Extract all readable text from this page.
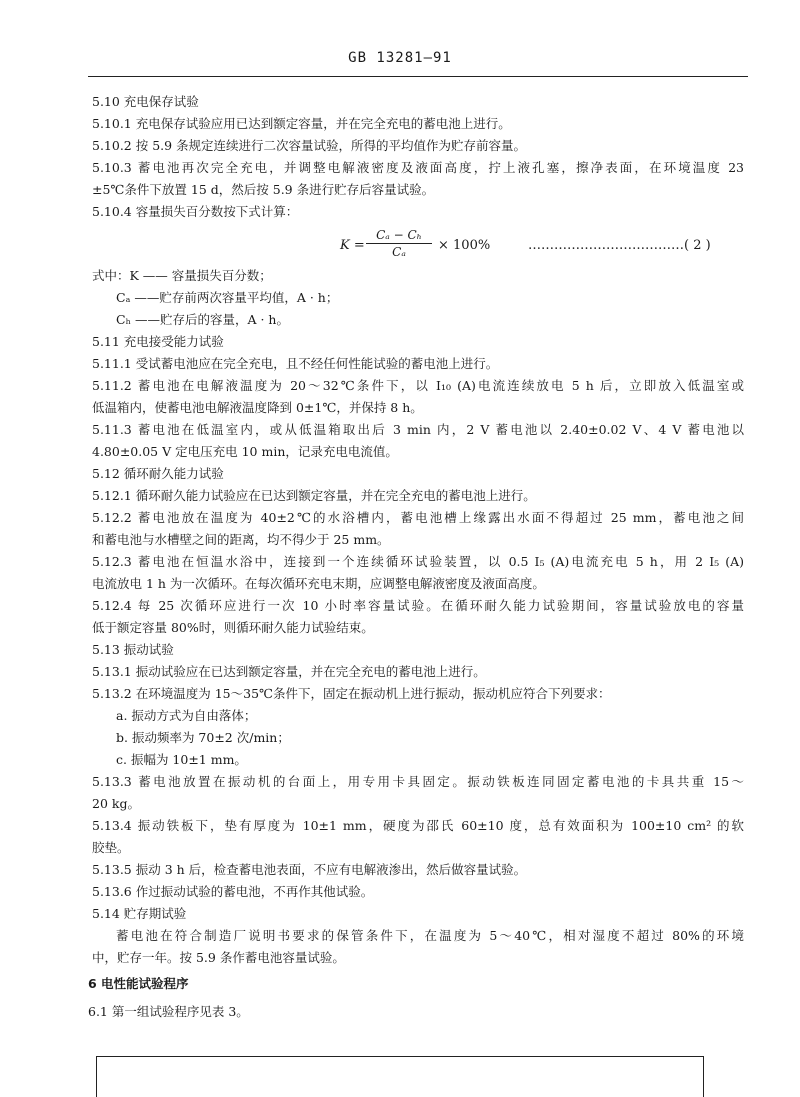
GB 13281—91
5.10 充电保存试验
5.10.1 充电保存试验应用已达到额定容量，并在完全充电的蓄电池上进行。
5.10.2 按 5.9 条规定连续进行二次容量试验，所得的平均值作为贮存前容量。
5.10.3 蓄电池再次完全充电，并调整电解液密度及液面高度，拧上液孔塞，擦净表面，在环境温度 23
±5℃条件下放置 15 d，然后按 5.9 条进行贮存后容量试验。
5.10.4 容量损失百分数按下式计算：
K =
Cₐ − Cₕ
Cₐ	× 100%	………………………………( 2 )
式中：K —— 容量损失百分数；
Cₐ ——贮存前两次容量平均值，A · h；
Cₕ ——贮存后的容量，A · h。
5.11 充电接受能力试验
5.11.1 受试蓄电池应在完全充电，且不经任何性能试验的蓄电池上进行。
5.11.2 蓄电池在电解液温度为 20～32℃条件下，以 I₁₀ (A)电流连续放电 5 h 后，立即放入低温室或
低温箱内，使蓄电池电解液温度降到 0±1℃，并保持 8 h。
5.11.3 蓄电池在低温室内，或从低温箱取出后 3 min 内，2 V 蓄电池以 2.40±0.02 V、4 V 蓄电池以
4.80±0.05 V 定电压充电 10 min，记录充电电流值。
5.12 循环耐久能力试验
5.12.1 循环耐久能力试验应在已达到额定容量，并在完全充电的蓄电池上进行。
5.12.2 蓄电池放在温度为 40±2℃的水浴槽内，蓄电池槽上缘露出水面不得超过 25 mm，蓄电池之间
和蓄电池与水槽壁之间的距离，均不得少于 25 mm。
5.12.3 蓄电池在恒温水浴中，连接到一个连续循环试验装置，以 0.5 I₅ (A)电流充电 5 h，用 2 I₅ (A)
电流放电 1 h 为一次循环。在每次循环充电末期，应调整电解液密度及液面高度。
5.12.4 每 25 次循环应进行一次 10 小时率容量试验。在循环耐久能力试验期间，容量试验放电的容量
低于额定容量 80%时，则循环耐久能力试验结束。
5.13 振动试验
5.13.1 振动试验应在已达到额定容量，并在完全充电的蓄电池上进行。
5.13.2 在环境温度为 15～35℃条件下，固定在振动机上进行振动，振动机应符合下列要求：
a. 振动方式为自由落体；
b. 振动频率为 70±2 次/min；
c. 振幅为 10±1 mm。
5.13.3 蓄电池放置在振动机的台面上，用专用卡具固定。振动铁板连同固定蓄电池的卡具共重 15～
20 kg。
5.13.4 振动铁板下，垫有厚度为 10±1 mm，硬度为邵氏 60±10 度，总有效面积为 100±10 cm² 的软
胶垫。
5.13.5 振动 3 h 后，检查蓄电池表面，不应有电解液渗出，然后做容量试验。
5.13.6 作过振动试验的蓄电池，不再作其他试验。
5.14 贮存期试验
蓄电池在符合制造厂说明书要求的保管条件下，在温度为 5～40℃，相对湿度不超过 80%的环境
中，贮存一年。按 5.9 条作蓄电池容量试验。
6 电性能试验程序
6.1 第一组试验程序见表 3。
